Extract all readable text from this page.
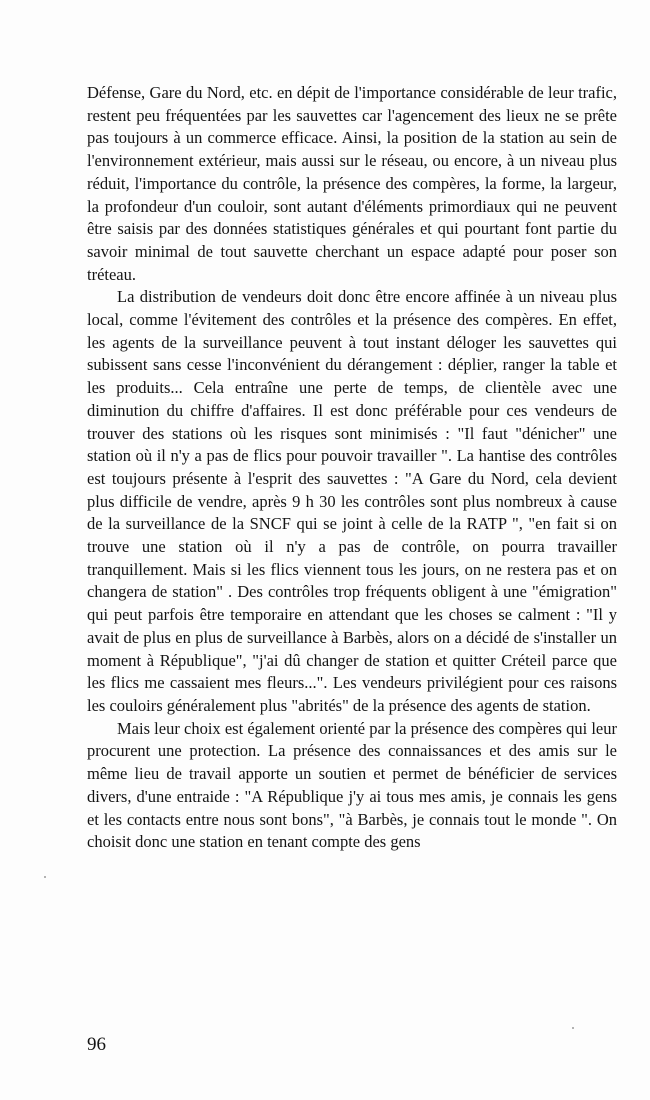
Défense, Gare du Nord, etc. en dépit de l'importance considérable de leur trafic, restent peu fréquentées par les sauvettes car l'agencement des lieux ne se prête pas toujours à un commerce efficace. Ainsi, la position de la station au sein de l'environnement extérieur, mais aussi sur le réseau, ou encore, à un niveau plus réduit, l'importance du contrôle, la présence des compères, la forme, la largeur, la profondeur d'un couloir, sont autant d'éléments primordiaux qui ne peuvent être saisis par des données statistiques générales et qui pourtant font partie du savoir minimal de tout sauvette cherchant un espace adapté pour poser son tréteau.

La distribution de vendeurs doit donc être encore affinée à un niveau plus local, comme l'évitement des contrôles et la présence des compères. En effet, les agents de la surveillance peuvent à tout instant déloger les sauvettes qui subissent sans cesse l'inconvénient du dérangement : déplier, ranger la table et les produits... Cela entraîne une perte de temps, de clientèle avec une diminution du chiffre d'affaires. Il est donc préférable pour ces vendeurs de trouver des stations où les risques sont minimisés : "Il faut "dénicher" une station où il n'y a pas de flics pour pouvoir travailler ". La hantise des contrôles est toujours présente à l'esprit des sauvettes : "A Gare du Nord, cela devient plus difficile de vendre, après 9 h 30 les contrôles sont plus nombreux à cause de la surveillance de la SNCF qui se joint à celle de la RATP ", "en fait si on trouve une station où il n'y a pas de contrôle, on pourra travailler tranquillement. Mais si les flics viennent tous les jours, on ne restera pas et on changera de station" . Des contrôles trop fréquents obligent à une "émigration" qui peut parfois être temporaire en attendant que les choses se calment : "Il y avait de plus en plus de surveillance à Barbès, alors on a décidé de s'installer un moment à République", "j'ai dû changer de station et quitter Créteil parce que les flics me cassaient mes fleurs...". Les vendeurs privilégient pour ces raisons les couloirs généralement plus "abrités" de la présence des agents de station.

Mais leur choix est également orienté par la présence des compères qui leur procurent une protection. La présence des connaissances et des amis sur le même lieu de travail apporte un soutien et permet de bénéficier de services divers, d'une entraide : "A République j'y ai tous mes amis, je connais les gens et les contacts entre nous sont bons", "à Barbès, je connais tout le monde ". On choisit donc une station en tenant compte des gens

96
